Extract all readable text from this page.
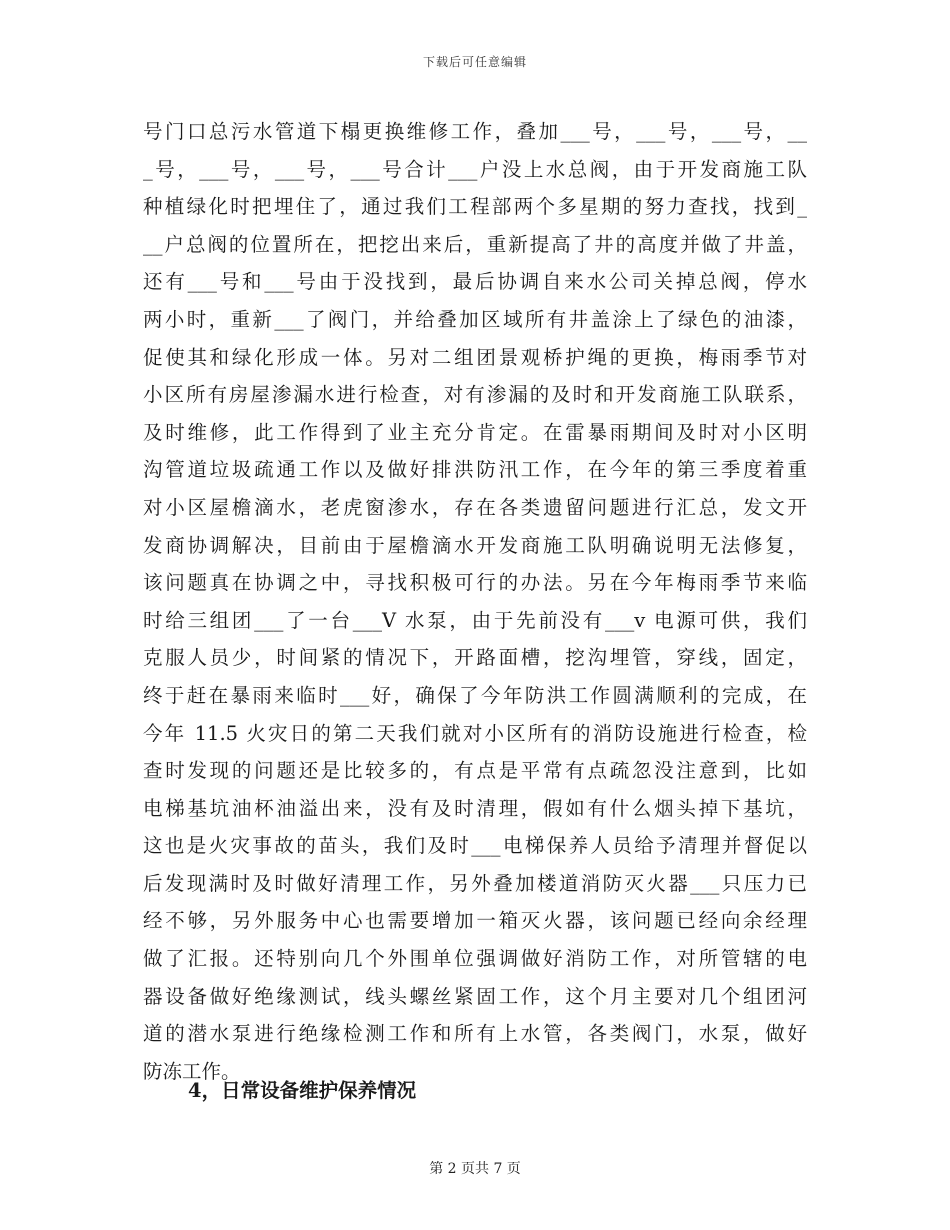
下载后可任意编辑
号门口总污水管道下榻更换维修工作，叠加___号，___号，___号，__
_号，___号，___号，___号合计___户没上水总阀，由于开发商施工队
种植绿化时把埋住了，通过我们工程部两个多星期的努力查找，找到_
__户总阀的位置所在，把挖出来后，重新提高了井的高度并做了井盖，
还有___号和___号由于没找到，最后协调自来水公司关掉总阀，停水
两小时，重新___了阀门，并给叠加区域所有井盖涂上了绿色的油漆，
促使其和绿化形成一体。另对二组团景观桥护绳的更换，梅雨季节对
小区所有房屋渗漏水进行检查，对有渗漏的及时和开发商施工队联系，
及时维修，此工作得到了业主充分肯定。在雷暴雨期间及时对小区明
沟管道垃圾疏通工作以及做好排洪防汛工作，在今年的第三季度着重
对小区屋檐滴水，老虎窗渗水，存在各类遗留问题进行汇总，发文开
发商协调解决，目前由于屋檐滴水开发商施工队明确说明无法修复，
该问题真在协调之中，寻找积极可行的办法。另在今年梅雨季节来临
时给三组团___了一台___V 水泵，由于先前没有___v 电源可供，我们
克服人员少，时间紧的情况下，开路面槽，挖沟埋管，穿线，固定，
终于赶在暴雨来临时___好，确保了今年防洪工作圆满顺利的完成，在
今年 11.5 火灾日的第二天我们就对小区所有的消防设施进行检查，检
查时发现的问题还是比较多的，有点是平常有点疏忽没注意到，比如
电梯基坑油杯油溢出来，没有及时清理，假如有什么烟头掉下基坑，
这也是火灾事故的苗头，我们及时___电梯保养人员给予清理并督促以
后发现满时及时做好清理工作，另外叠加楼道消防灭火器___只压力已
经不够，另外服务中心也需要增加一箱灭火器，该问题已经向余经理
做了汇报。还特别向几个外围单位强调做好消防工作，对所管辖的电
器设备做好绝缘测试，线头螺丝紧固工作，这个月主要对几个组团河
道的潜水泵进行绝缘检测工作和所有上水管，各类阀门，水泵，做好
防冻工作。
4，日常设备维护保养情况
第 2 页共 7 页
